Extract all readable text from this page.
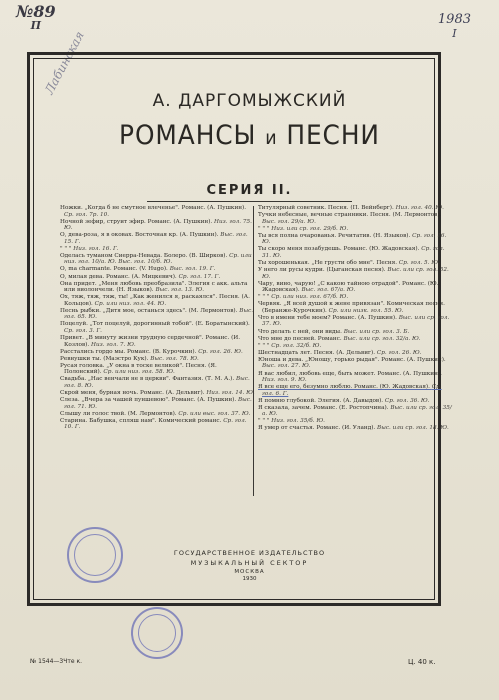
№89
П	1983
I
Лабинская
А. ДАРГОМЫЖСКИЙ
РОМАНСЫ и ПЕСНИ
СЕРИЯ II.
Ножки. „Когда б не смутное влеченье". Романс. (А. Пушкин). Ср. гол. 7р. 10.
Ночной зефир, струит эфир. Романс. (А. Пушкин). Низ. гол. 75. Ю.
О, дева-роза, я в оковах. Восточная кр. (А. Пушкин). Выс. гол. 15. Г.
" " " Низ. гол. 16. Г.
Оделась туманом Сиерра-Невада. Болеро. (В. Ширков). Ср. или низ. гол. 10/а. Ю. Выс. гол. 10/б. Ю.
О, ma charmante. Романс. (V. Hugo). Выс. гол. 19. Г.
О, милая дева. Романс. (А. Мицкевич). Ср. гол. 17. Г.
Она придет. „Меня любовь преобразила". Элегия с акк. альта или виолончели. (Н. Языков). Выс. гол. 13. Ю.
Ох, тяж, тяж, тяж, ты! „Как женился я, раскаялся". Песня. (А. Кольцов). Ср. или низ. гол. 44. Ю.
Песнь рыбки. „Дитя мое, останься здесь". (М. Лермонтов). Выс. гол. 65. Ю.
Поцелуй. „Тот поцелуй, дорогинный тобой". (Е. Боратынский). Ср. гол. 3. Г.
Привет. „В минуту жизни трудную сердечной". Романс. (И. Козлов). Низ. гол. 7. Ю.
Расстались гордо мы. Романс. (В. Курочкин). Ср. гол. 26. Ю.
Ревнушки ты. (Маэстро Кук). Выс. гол. 78. Ю.
Русая головка. „У окна в тоске великой". Песня. (Я. Полонский). Ср. или низ. гол. 58. Ю.
Свадьба. „Нас венчали не в церкви". Фантазия. (Т. М. А.). Выс. гол. 8. Ю.
Скрой меня, бурная ночь. Романс. (А. Дельвиг). Низ. гол. 14. Ю.
Слеза. „Вчера за чашей пуншевою". Романс. (А. Пушкин). Выс. гол. 71. Ю.
Слышу ли голос твой. (М. Лермонтов). Ср. или выс. гол. 37. Ю.
Старина. Бабушка, спляш нам". Комический романс. Ср. гол. 10. Г.
Титулярный советник. Песня. (П. Вейнберг). Низ. гол. 40. Ю.
Тучки небесные, вечные странники. Песня. (М. Лермонтов). Выс. гол. 29/а. Ю.
" " " Низ. или ср. гол. 29/б. Ю.
Ты вся полна очарованья. Речитатив. (Н. Языков). Ср. гол. 16. Ю.
Ты скоро меня позабудешь. Романс. (Ю. Жадовская). Ср. гол. 31. Ю.
Ты хорошенькая. „Не грусти обо мне". Песня. Ср. гол. 5. Ю.
У него ли русы кудри. (Цыганская песня). Выс. или ср. гол. 52. Ю.
Чару, вино, чарую! „С какою тайною отрадой". Романс. (Ю. Жадовская). Выс. гол. 67/а. Ю.
" " " Ср. или низ. гол. 67/б. Ю.
Червяк. „Я всей душой к жене привязан". Комическая песня. (Беранже-Курочкин). Ср. или низк. гол. 55. Ю.
Что в имени тебе моем? Романс. (А. Пушкин). Выс. или ср. гол. 37. Ю.
Что делать с ней, они виды. Выс. или ср. гол. 3. Б.
Что мне до песней. Романс. Выс. или ср. гол. 32/а. Ю.
" " " Ср. гол. 32/б. Ю.
Шестнадцать лет. Песня. (А. Дельвиг). Ср. гол. 26. Ю.
Юноша и дева. „Юношу, горько рыдая". Романс. (А. Пушкин). Выс. гол. 27. Ю.
Я вас любил, любовь еще, быть может. Романс. (А. Пушкин). Низ. гол. 9. Ю.
Я все еще его, безумно люблю. Романс. (Ю. Жадовская). Ср. гол. 6. Г.
Я помню глубокой. Элегия. (А. Давыдов). Ср. гол. 36. Ю.
Я сказала, зачем. Романс. (Е. Ростопчина). Выс. или ср. гол. 35/а. Ю.
" " " Низ. гол. 35/б. Ю.
Я умер от счастья. Романс. (И. Уланд). Выс. или ср. гол. 18. Ю.
ГОСУДАРСТВЕННОЕ ИЗДАТЕЛЬСТВО
МУЗЫКАЛЬНЫЙ СЕКТОР
МОСКВА
1930
№ 1544—3Чте к.	Ц. 40 к.
